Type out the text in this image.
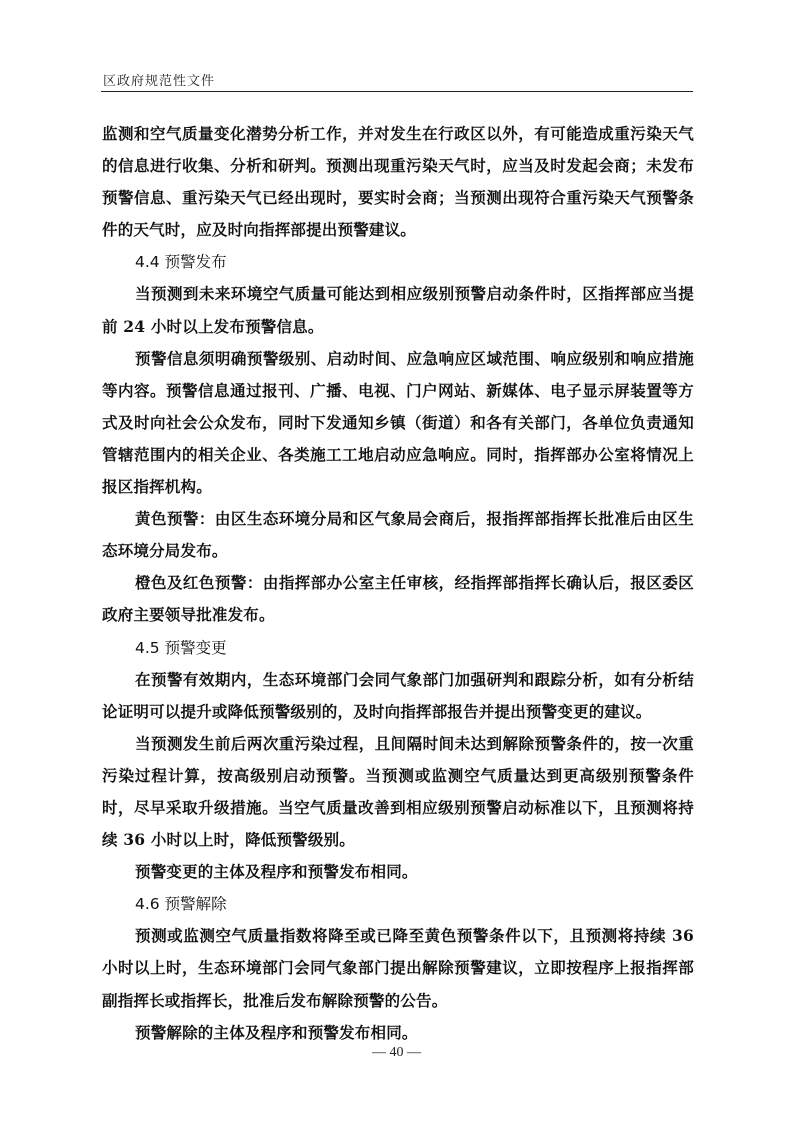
区政府规范性文件

监测和空气质量变化潜势分析工作，并对发生在行政区以外，有可能造成重污染天气的信息进行收集、分析和研判。预测出现重污染天气时，应当及时发起会商；未发布预警信息、重污染天气已经出现时，要实时会商；当预测出现符合重污染天气预警条件的天气时，应及时向指挥部提出预警建议。

4.4 预警发布

当预测到未来环境空气质量可能达到相应级别预警启动条件时，区指挥部应当提前 24 小时以上发布预警信息。

预警信息须明确预警级别、启动时间、应急响应区域范围、响应级别和响应措施等内容。预警信息通过报刊、广播、电视、门户网站、新媒体、电子显示屏装置等方式及时向社会公众发布，同时下发通知乡镇（街道）和各有关部门，各单位负责通知管辖范围内的相关企业、各类施工工地启动应急响应。同时，指挥部办公室将情况上报区指挥机构。

黄色预警：由区生态环境分局和区气象局会商后，报指挥部指挥长批准后由区生态环境分局发布。

橙色及红色预警：由指挥部办公室主任审核，经指挥部指挥长确认后，报区委区政府主要领导批准发布。

4.5 预警变更

在预警有效期内，生态环境部门会同气象部门加强研判和跟踪分析，如有分析结论证明可以提升或降低预警级别的，及时向指挥部报告并提出预警变更的建议。

当预测发生前后两次重污染过程，且间隔时间未达到解除预警条件的，按一次重污染过程计算，按高级别启动预警。当预测或监测空气质量达到更高级别预警条件时，尽早采取升级措施。当空气质量改善到相应级别预警启动标准以下，且预测将持续 36 小时以上时，降低预警级别。

预警变更的主体及程序和预警发布相同。

4.6 预警解除

预测或监测空气质量指数将降至或已降至黄色预警条件以下，且预测将持续 36 小时以上时，生态环境部门会同气象部门提出解除预警建议，立即按程序上报指挥部副指挥长或指挥长，批准后发布解除预警的公告。

预警解除的主体及程序和预警发布相同。

— 40 —
